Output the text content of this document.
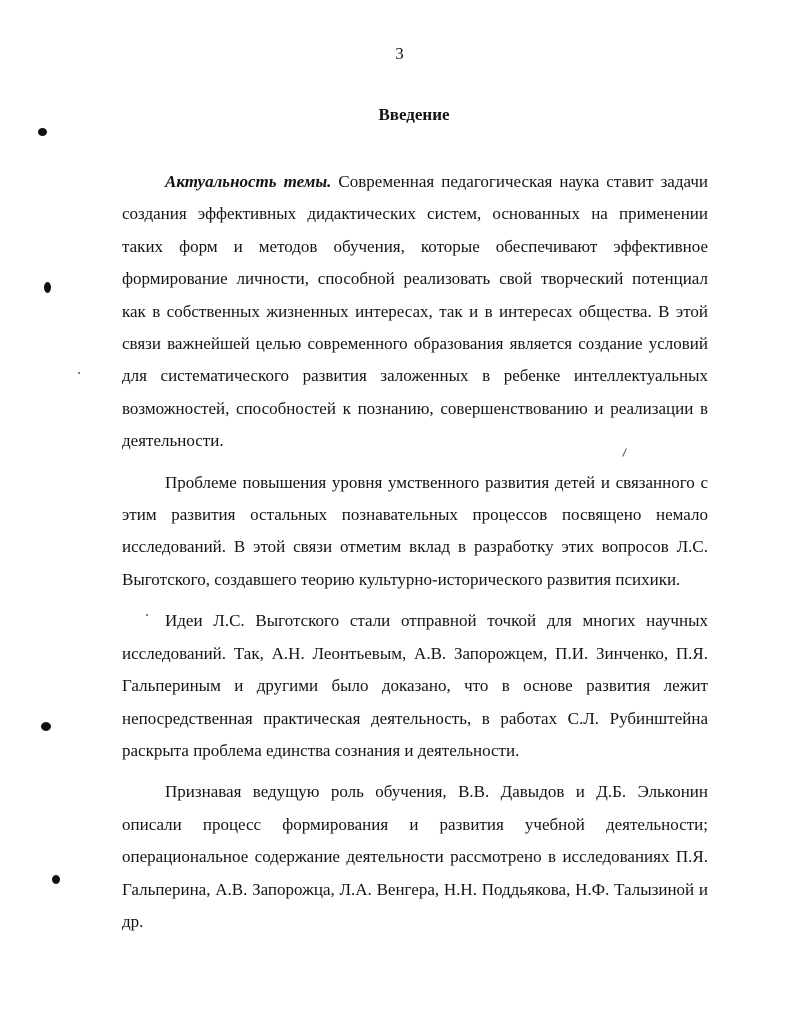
3
Введение

Актуальность темы. Современная педагогическая наука ставит задачи создания эффективных дидактических систем, основанных на применении таких форм и методов обучения, которые обеспечивают эффективное формирование личности, способной реализовать свой творческий потенциал как в собственных жизненных интересах, так и в интересах общества. В этой связи важнейшей целью современного образования является создание условий для систематического развития заложенных в ребенке интеллектуальных возможностей, способностей к познанию, совершенствованию и реализации в деятельности.

Проблеме повышения уровня умственного развития детей и связанного с этим развития остальных познавательных процессов посвящено немало исследований. В этой связи отметим вклад в разработку этих вопросов Л.С. Выготского, создавшего теорию культурно-исторического развития психики.

Идеи Л.С. Выготского стали отправной точкой для многих научных исследований. Так, А.Н. Леонтьевым, А.В. Запорожцем, П.И. Зинченко, П.Я. Гальпериным и другими было доказано, что в основе развития лежит непосредственная практическая деятельность, в работах С.Л. Рубинштейна раскрыта проблема единства сознания и деятельности.

Признавая ведущую роль обучения, В.В. Давыдов и Д.Б. Эльконин описали процесс формирования и развития учебной деятельности; операциональное содержание деятельности рассмотрено в исследованиях П.Я. Гальперина, А.В. Запорожца, Л.А. Венгера, Н.Н. Поддьякова, Н.Ф. Талызиной и др.
